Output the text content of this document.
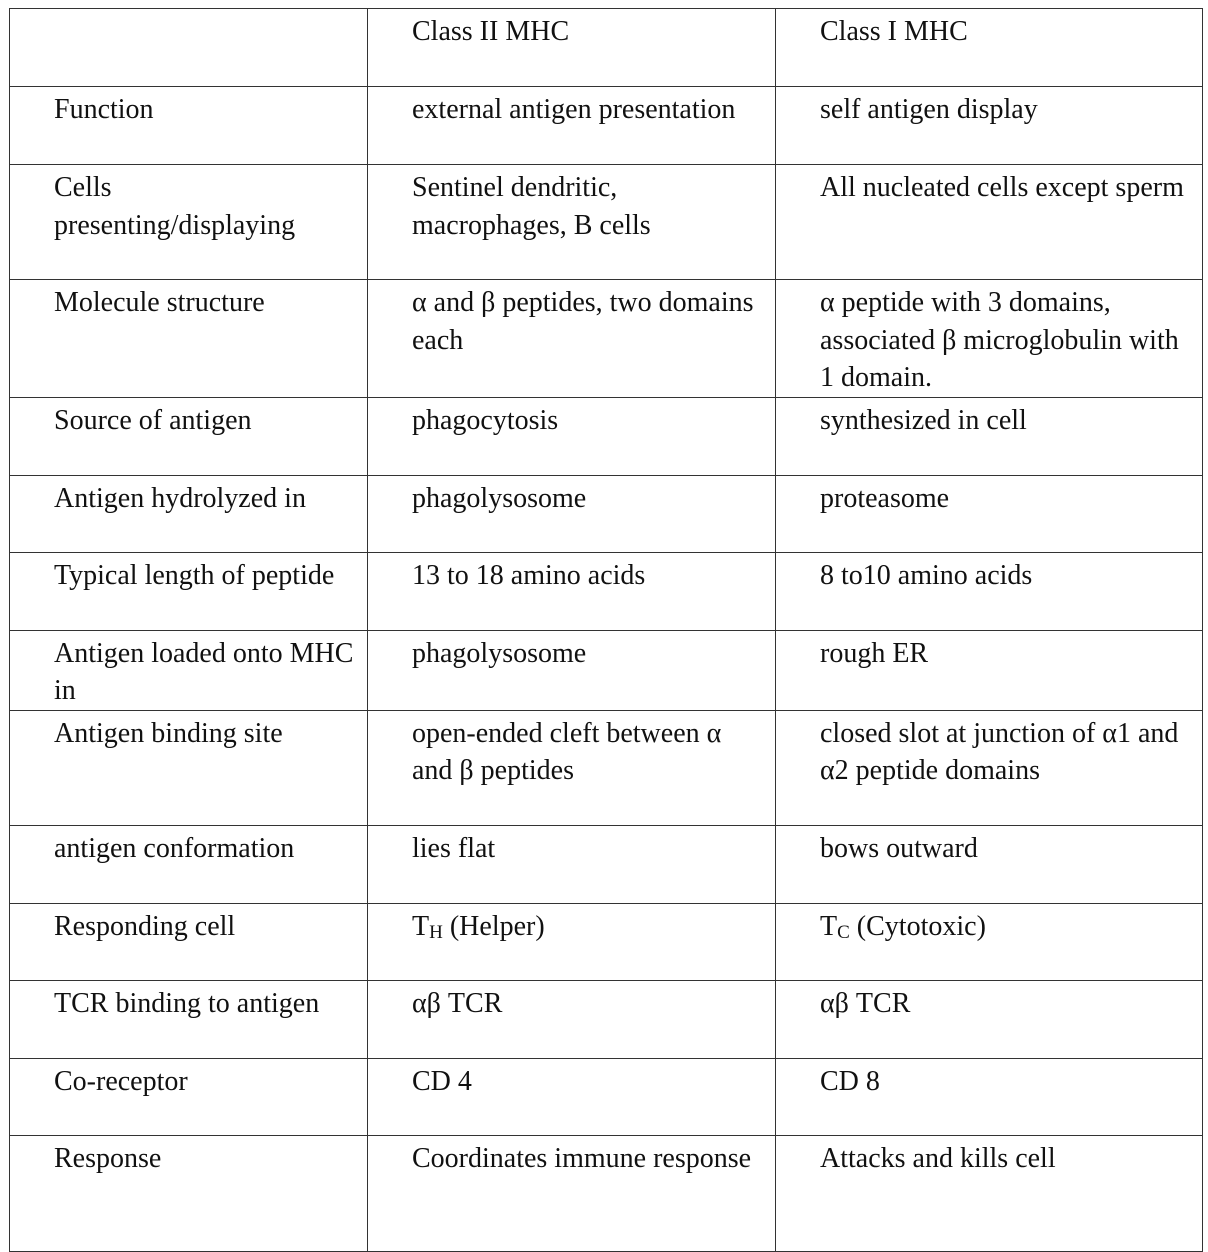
	Class II MHC	Class I MHC
Function	external antigen presentation	self antigen display
Cells presenting/displaying	Sentinel dendritic, macrophages, B cells	All nucleated cells except sperm
Molecule structure	α and β peptides, two domains each	α peptide with 3 domains, associated β microglobulin with 1 domain.
Source of antigen	phagocytosis	synthesized in cell
Antigen hydrolyzed in	phagolysosome	proteasome
Typical length of peptide	13 to 18 amino acids	8 to10 amino acids
Antigen loaded onto MHC in	phagolysosome	rough ER
Antigen binding site	open-ended cleft between α and β peptides	closed slot at junction of α1 and α2 peptide domains
antigen conformation	lies flat	bows outward
Responding cell	TH (Helper)	TC (Cytotoxic)
TCR binding to antigen	αβ TCR	αβ TCR
Co-receptor	CD 4	CD 8
Response	Coordinates immune response	Attacks and kills cell
